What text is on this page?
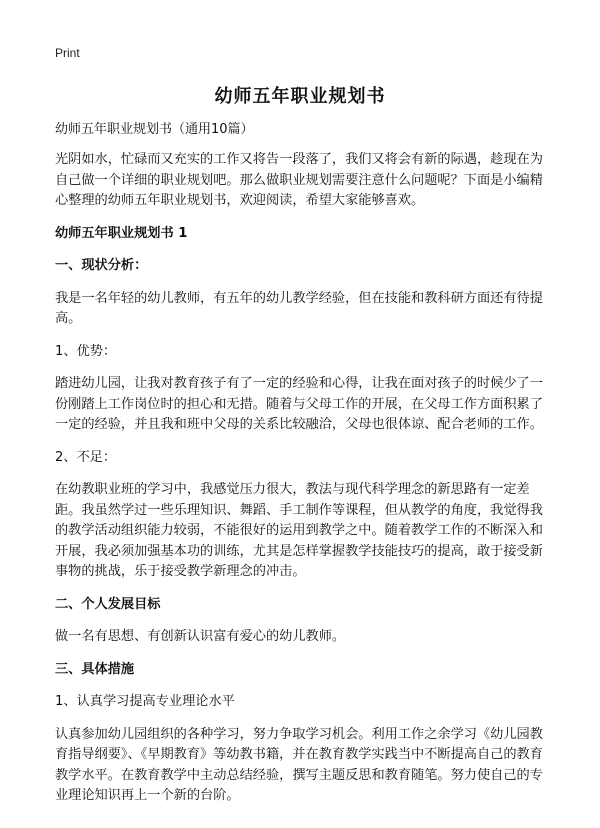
Print
幼师五年职业规划书

幼师五年职业规划书（通用10篇）

光阴如水，忙碌而又充实的工作又将告一段落了，我们又将会有新的际遇，趁现在为自己做一个详细的职业规划吧。那么做职业规划需要注意什么问题呢？下面是小编精心整理的幼师五年职业规划书，欢迎阅读，希望大家能够喜欢。

幼师五年职业规划书 1

一、现状分析：

我是一名年轻的幼儿教师，有五年的幼儿教学经验，但在技能和教科研方面还有待提高。

1、优势：

踏进幼儿园，让我对教育孩子有了一定的经验和心得，让我在面对孩子的时候少了一份刚踏上工作岗位时的担心和无措。随着与父母工作的开展，在父母工作方面积累了一定的经验，并且我和班中父母的关系比较融洽，父母也很体谅、配合老师的工作。

2、不足：

在幼教职业班的学习中，我感觉压力很大，教法与现代科学理念的新思路有一定差距。我虽然学过一些乐理知识、舞蹈、手工制作等课程，但从教学的角度，我觉得我的教学活动组织能力较弱，不能很好的运用到教学之中。随着教学工作的不断深入和开展，我必须加强基本功的训练，尤其是怎样掌握教学技能技巧的提高，敢于接受新事物的挑战，乐于接受教学新理念的冲击。

二、个人发展目标

做一名有思想、有创新认识富有爱心的幼儿教师。

三、具体措施

1、认真学习提高专业理论水平

认真参加幼儿园组织的各种学习，努力争取学习机会。利用工作之余学习《幼儿园教育指导纲要》、《早期教育》等幼教书籍，并在教育教学实践当中不断提高自己的教育教学水平。在教育教学中主动总结经验，撰写主题反思和教育随笔。努力使自己的专业理论知识再上一个新的台阶。
